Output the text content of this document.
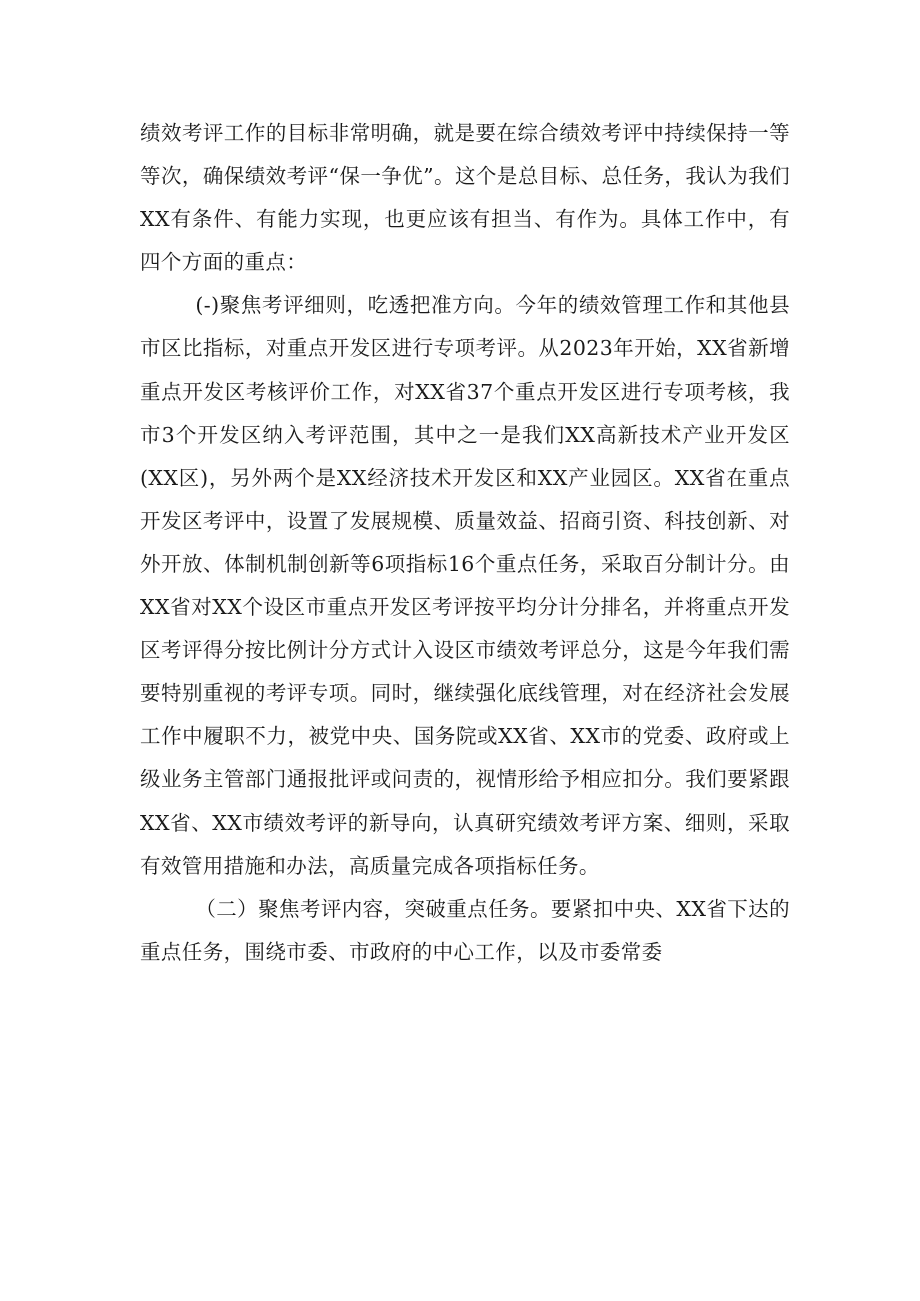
绩效考评工作的目标非常明确，就是要在综合绩效考评中持续保持一等等次，确保绩效考评“保一争优”。这个是总目标、总任务，我认为我们XX有条件、有能力实现，也更应该有担当、有作为。具体工作中，有四个方面的重点：

(-)聚焦考评细则，吃透把准方向。今年的绩效管理工作和其他县市区比指标，对重点开发区进行专项考评。从2023年开始，XX省新增重点开发区考核评价工作，对XX省37个重点开发区进行专项考核，我市3个开发区纳入考评范围，其中之一是我们XX高新技术产业开发区(XX区)，另外两个是XX经济技术开发区和XX产业园区。XX省在重点开发区考评中，设置了发展规模、质量效益、招商引资、科技创新、对外开放、体制机制创新等6项指标16个重点任务，采取百分制计分。由XX省对XX个设区市重点开发区考评按平均分计分排名，并将重点开发区考评得分按比例计分方式计入设区市绩效考评总分，这是今年我们需要特别重视的考评专项。同时，继续强化底线管理，对在经济社会发展工作中履职不力，被党中央、国务院或XX省、XX市的党委、政府或上级业务主管部门通报批评或问责的，视情形给予相应扣分。我们要紧跟XX省、XX市绩效考评的新导向，认真研究绩效考评方案、细则，采取有效管用措施和办法，高质量完成各项指标任务。

（二）聚焦考评内容，突破重点任务。要紧扣中央、XX省下达的重点任务，围绕市委、市政府的中心工作，以及市委常委
